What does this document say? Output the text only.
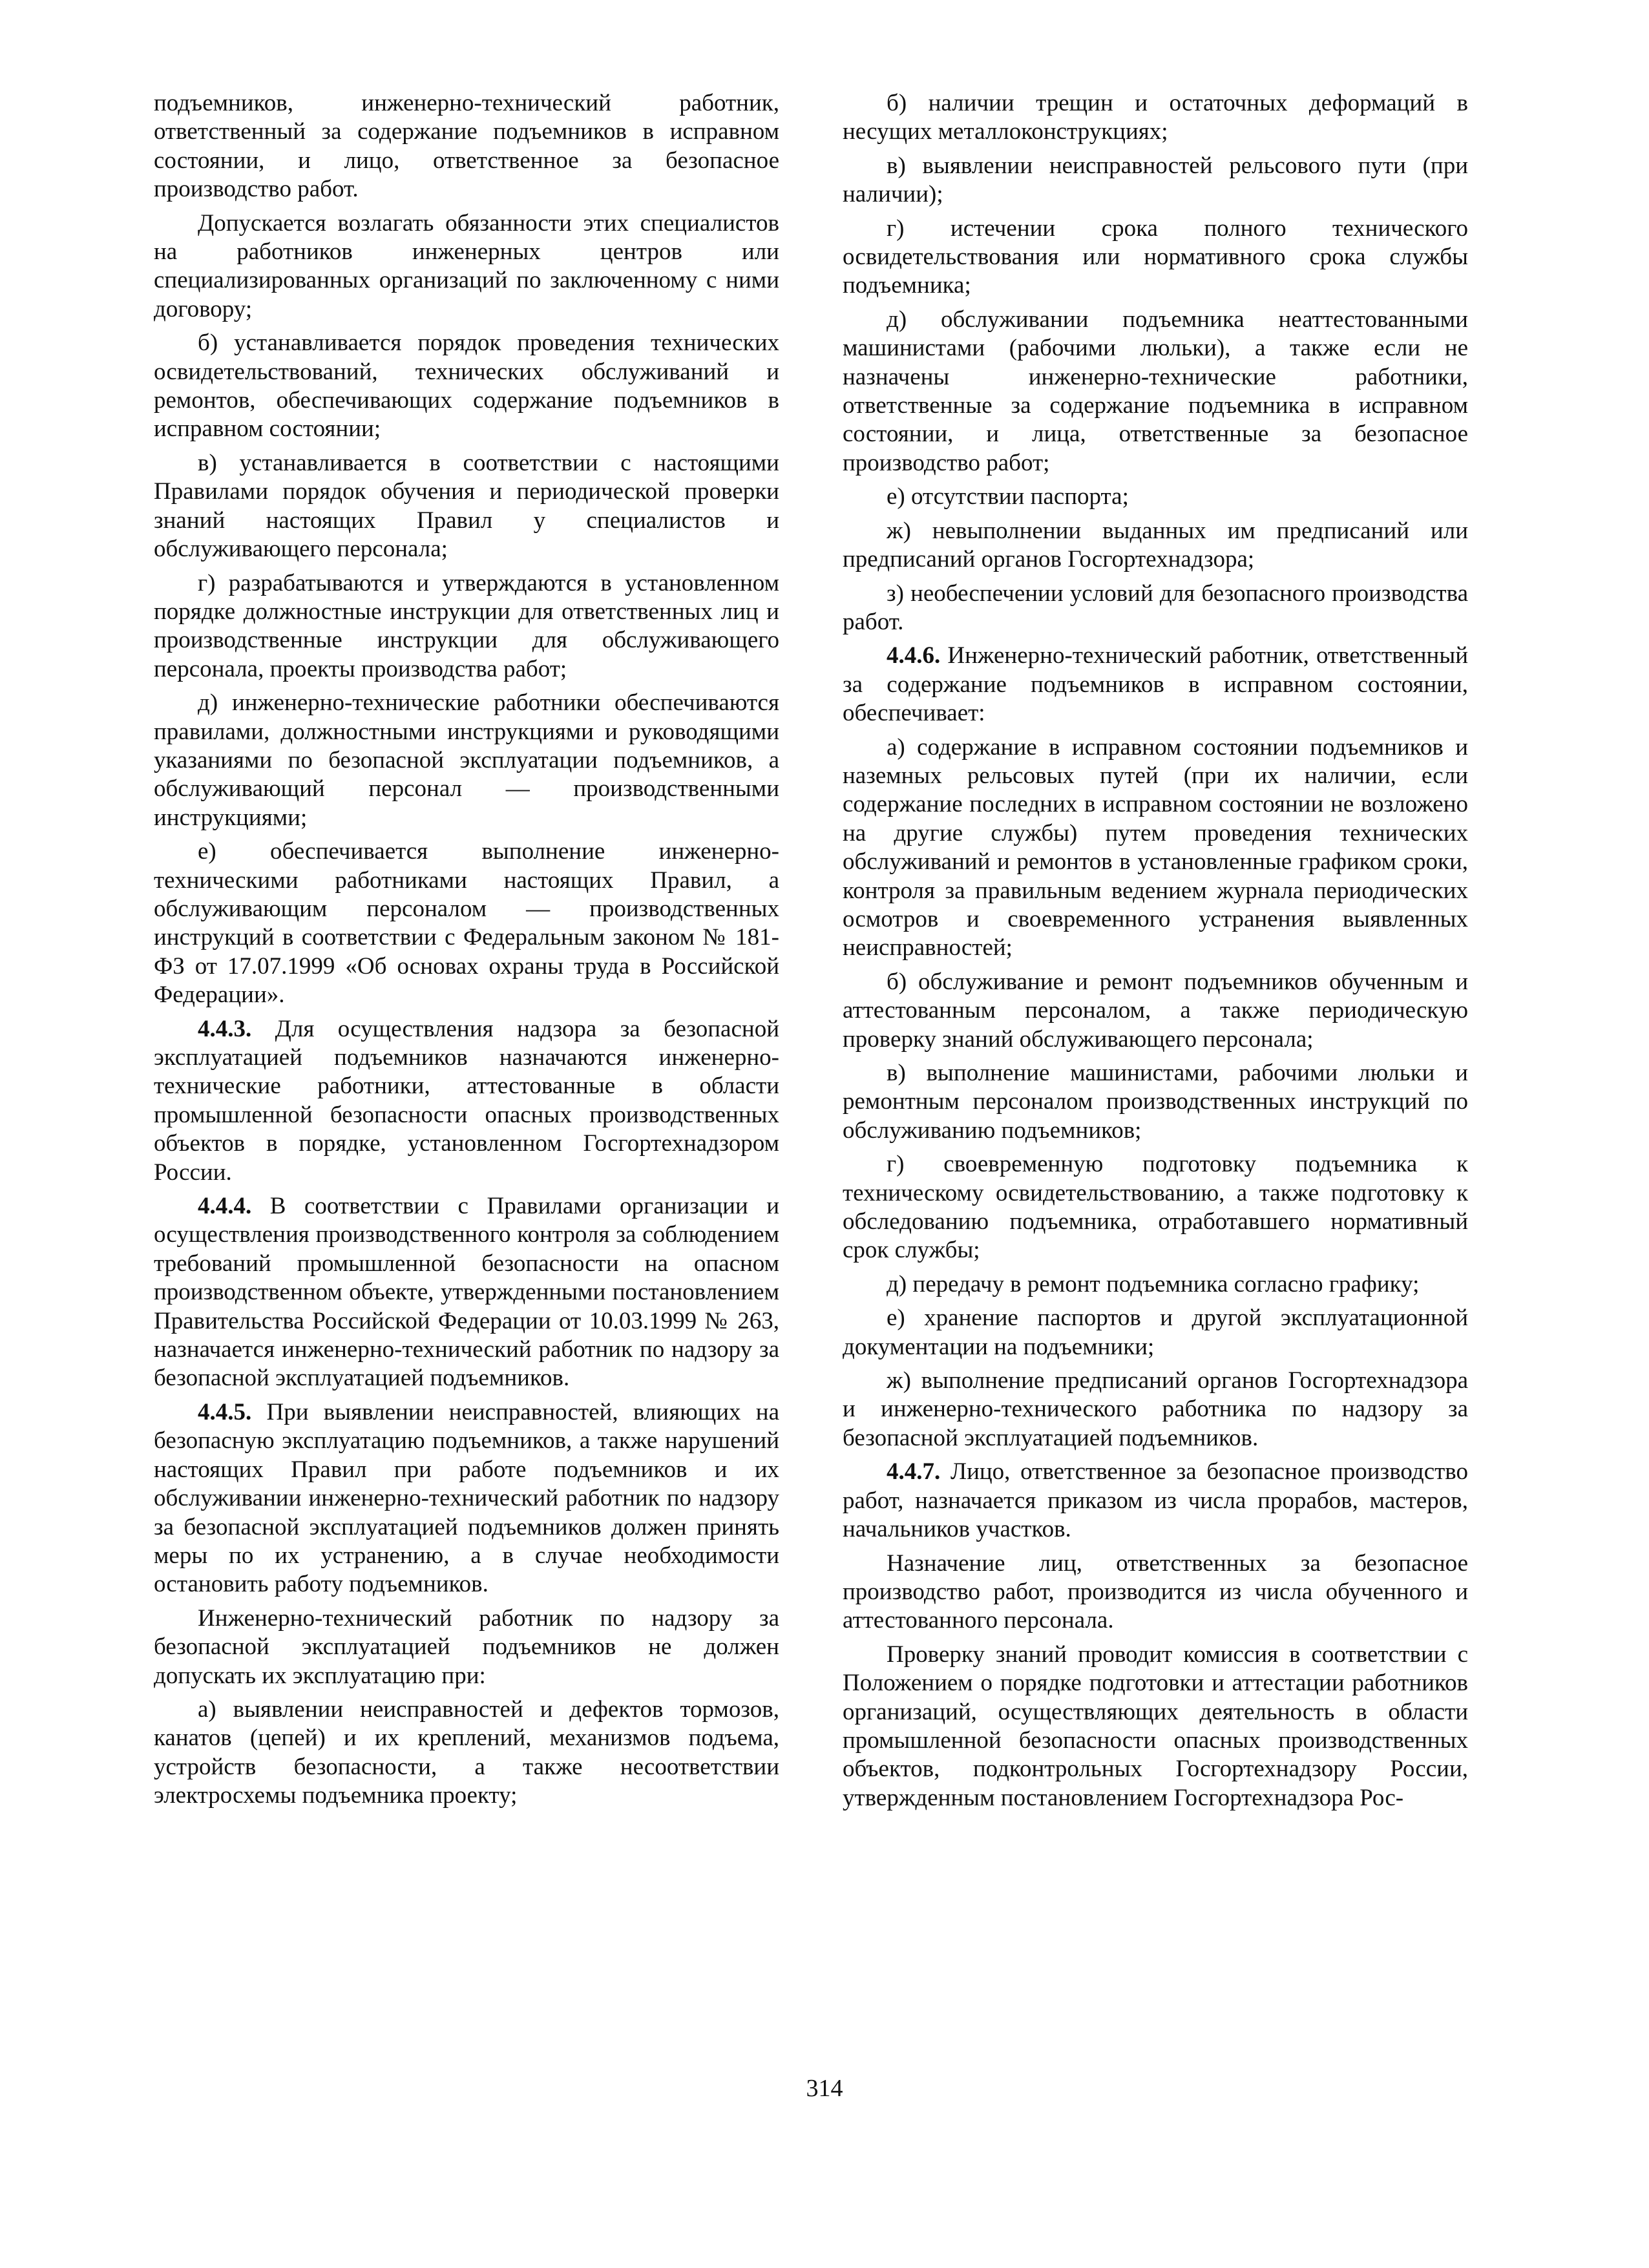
подъемников, инженерно-технический работник, ответственный за содержание подъемников в исправном состоянии, и лицо, ответственное за безопасное производство работ.

Допускается возлагать обязанности этих специалистов на работников инженерных центров или специализированных организаций по заключенному с ними договору;

б) устанавливается порядок проведения технических освидетельствований, технических обслуживаний и ремонтов, обеспечивающих содержание подъемников в исправном состоянии;

в) устанавливается в соответствии с настоящими Правилами порядок обучения и периодической проверки знаний настоящих Правил у специалистов и обслуживающего персонала;

г) разрабатываются и утверждаются в установленном порядке должностные инструкции для ответственных лиц и производственные инструкции для обслуживающего персонала, проекты производства работ;

д) инженерно-технические работники обеспечиваются правилами, должностными инструкциями и руководящими указаниями по безопасной эксплуатации подъемников, а обслуживающий персонал — производственными инструкциями;

е) обеспечивается выполнение инженерно-техническими работниками настоящих Правил, а обслуживающим персоналом — производственных инструкций в соответствии с Федеральным законом № 181-ФЗ от 17.07.1999 «Об основах охраны труда в Российской Федерации».

4.4.3. Для осуществления надзора за безопасной эксплуатацией подъемников назначаются инженерно-технические работники, аттестованные в области промышленной безопасности опасных производственных объектов в порядке, установленном Госгортехнадзором России.

4.4.4. В соответствии с Правилами организации и осуществления производственного контроля за соблюдением требований промышленной безопасности на опасном производственном объекте, утвержденными постановлением Правительства Российской Федерации от 10.03.1999 № 263, назначается инженерно-технический работник по надзору за безопасной эксплуатацией подъемников.

4.4.5. При выявлении неисправностей, влияющих на безопасную эксплуатацию подъемников, а также нарушений настоящих Правил при работе подъемников и их обслуживании инженерно-технический работник по надзору за безопасной эксплуатацией подъемников должен принять меры по их устранению, а в случае необходимости остановить работу подъемников.

Инженерно-технический работник по надзору за безопасной эксплуатацией подъемников не должен допускать их эксплуатацию при:

а) выявлении неисправностей и дефектов тормозов, канатов (цепей) и их креплений, механизмов подъема, устройств безопасности, а также несоответствии электросхемы подъемника проекту;

б) наличии трещин и остаточных деформаций в несущих металлоконструкциях;

в) выявлении неисправностей рельсового пути (при наличии);

г) истечении срока полного технического освидетельствования или нормативного срока службы подъемника;

д) обслуживании подъемника неаттестованными машинистами (рабочими люльки), а также если не назначены инженерно-технические работники, ответственные за содержание подъемника в исправном состоянии, и лица, ответственные за безопасное производство работ;

е) отсутствии паспорта;

ж) невыполнении выданных им предписаний или предписаний органов Госгортехнадзора;

з) необеспечении условий для безопасного производства работ.

4.4.6. Инженерно-технический работник, ответственный за содержание подъемников в исправном состоянии, обеспечивает:

а) содержание в исправном состоянии подъемников и наземных рельсовых путей (при их наличии, если содержание последних в исправном состоянии не возложено на другие службы) путем проведения технических обслуживаний и ремонтов в установленные графиком сроки, контроля за правильным ведением журнала периодических осмотров и своевременного устранения выявленных неисправностей;

б) обслуживание и ремонт подъемников обученным и аттестованным персоналом, а также периодическую проверку знаний обслуживающего персонала;

в) выполнение машинистами, рабочими люльки и ремонтным персоналом производственных инструкций по обслуживанию подъемников;

г) своевременную подготовку подъемника к техническому освидетельствованию, а также подготовку к обследованию подъемника, отработавшего нормативный срок службы;

д) передачу в ремонт подъемника согласно графику;

е) хранение паспортов и другой эксплуатационной документации на подъемники;

ж) выполнение предписаний органов Госгортехнадзора и инженерно-технического работника по надзору за безопасной эксплуатацией подъемников.

4.4.7. Лицо, ответственное за безопасное производство работ, назначается приказом из числа прорабов, мастеров, начальников участков.

Назначение лиц, ответственных за безопасное производство работ, производится из числа обученного и аттестованного персонала.

Проверку знаний проводит комиссия в соответствии с Положением о порядке подготовки и аттестации работников организаций, осуществляющих деятельность в области промышленной безопасности опасных производственных объектов, подконтрольных Госгортехнадзору России, утвержденным постановлением Госгортехнадзора Рос-

314
